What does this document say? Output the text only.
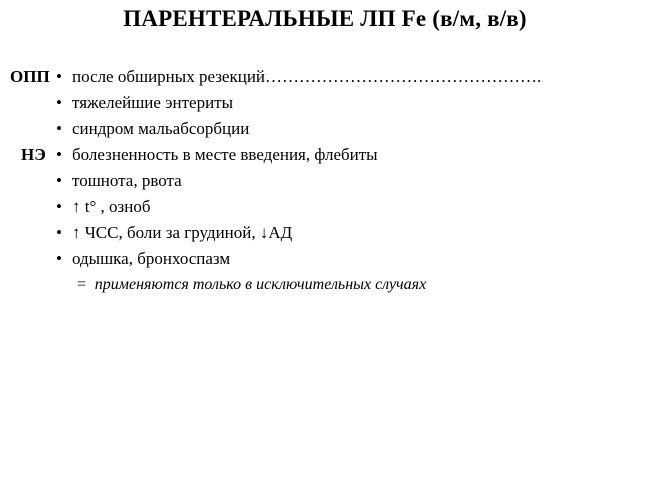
ПАРЕНТЕРАЛЬНЫЕ ЛП Fe (в/м, в/в)
ОПП • после обширных резекций………………………………………….
• тяжелейшие энтериты
• синдром мальабсорбции
НЭ • болезненность в месте введения, флебиты
• тошнота, рвота
• ↑ t° , озноб
• ↑ ЧСС, боли за грудиной, ↓АД
• одышка, бронхоспазм
= применяются только в исключительных случаях
